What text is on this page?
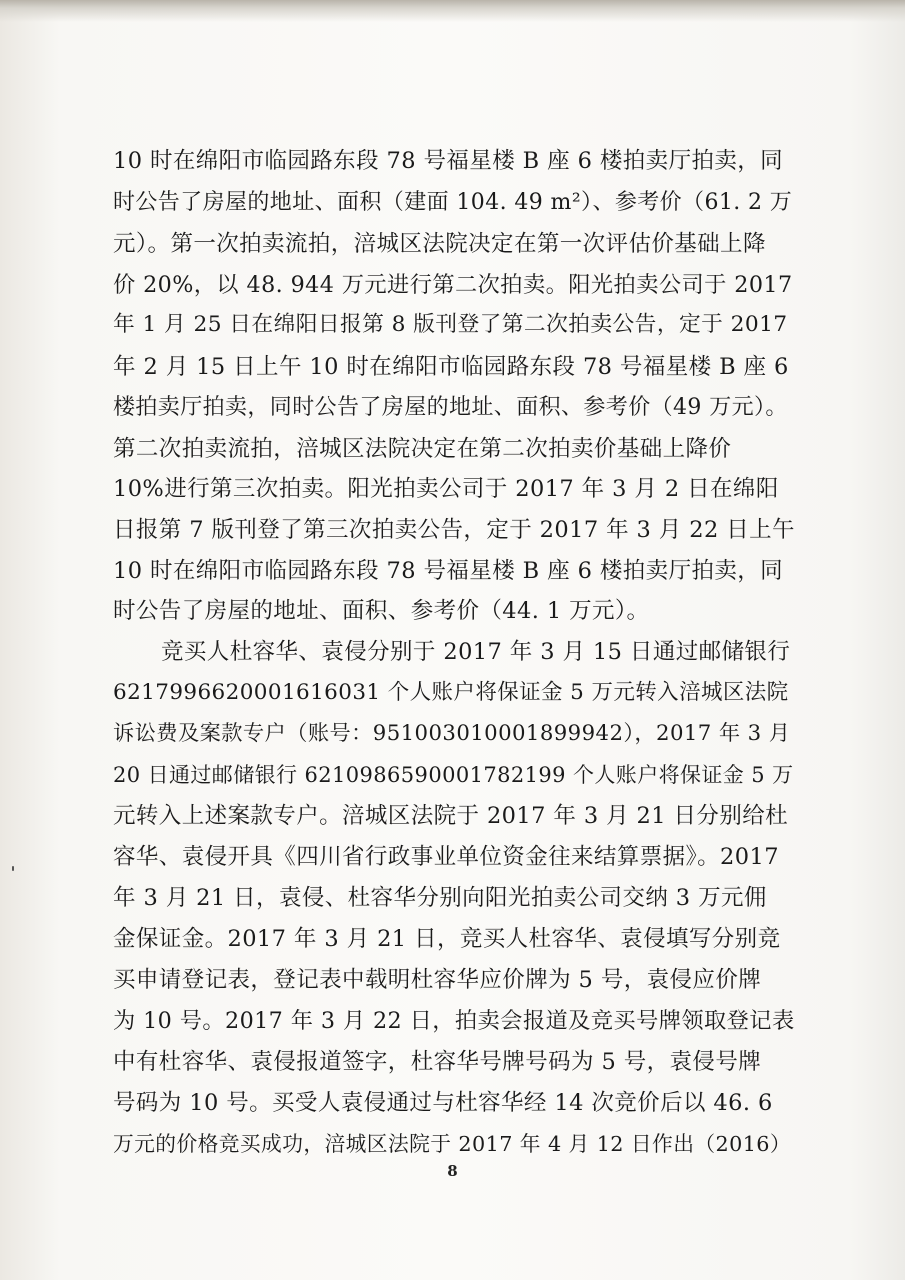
10 时在绵阳市临园路东段 78 号福星楼 B 座 6 楼拍卖厅拍卖，同

时公告了房屋的地址、面积（建面 104. 49 m²）、参考价（61. 2 万

元）。第一次拍卖流拍，涪城区法院决定在第一次评估价基础上降

价 20%，以 48. 944 万元进行第二次拍卖。阳光拍卖公司于 2017

年 1 月 25 日在绵阳日报第 8 版刊登了第二次拍卖公告，定于 2017

年 2 月 15 日上午 10 时在绵阳市临园路东段 78 号福星楼 B 座 6

楼拍卖厅拍卖，同时公告了房屋的地址、面积、参考价（49 万元）。

第二次拍卖流拍，涪城区法院决定在第二次拍卖价基础上降价

10%进行第三次拍卖。阳光拍卖公司于 2017 年 3 月 2 日在绵阳

日报第 7 版刊登了第三次拍卖公告，定于 2017 年 3 月 22 日上午

10 时在绵阳市临园路东段 78 号福星楼 B 座 6 楼拍卖厅拍卖，同

时公告了房屋的地址、面积、参考价（44. 1 万元）。

竞买人杜容华、袁侵分别于 2017 年 3 月 15 日通过邮储银行

6217996620001616031 个人账户将保证金 5 万元转入涪城区法院

诉讼费及案款专户（账号：951003010001899942），2017 年 3 月

20 日通过邮储银行 6210986590001782199 个人账户将保证金 5 万

元转入上述案款专户。涪城区法院于 2017 年 3 月 21 日分别给杜

容华、袁侵开具《四川省行政事业单位资金往来结算票据》。2017

年 3 月 21 日，袁侵、杜容华分别向阳光拍卖公司交纳 3 万元佣

金保证金。2017 年 3 月 21 日，竞买人杜容华、袁侵填写分别竞

买申请登记表，登记表中载明杜容华应价牌为 5 号，袁侵应价牌

为 10 号。2017 年 3 月 22 日，拍卖会报道及竞买号牌领取登记表

中有杜容华、袁侵报道签字，杜容华号牌号码为 5 号，袁侵号牌

号码为 10 号。买受人袁侵通过与杜容华经 14 次竞价后以 46. 6

万元的价格竞买成功，涪城区法院于 2017 年 4 月 12 日作出（2016）

8
